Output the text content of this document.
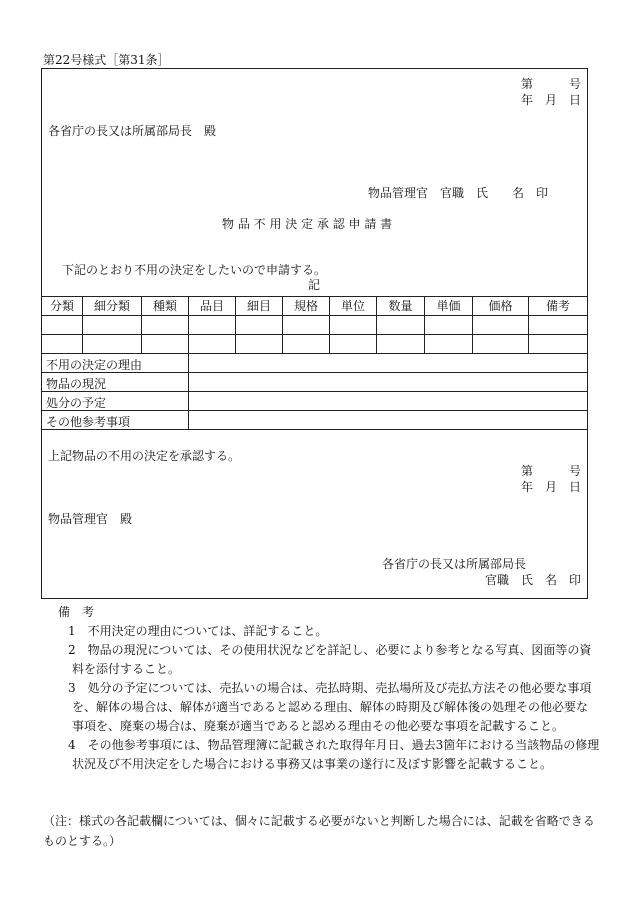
第22号様式［第31条］
第　　　号
年　月　日
各省庁の長又は所属部局長　殿
物品管理官　官職　氏　　名　印
物 品 不 用 決 定 承 認 申 請 書
下記のとおり不用の決定をしたいので申請する。
記
分類	細分類	種類	品目	細目	規格	単位	数量	単価	価格	備考

不用の決定の理由
物品の現況
処分の予定
その他参考事項
上記物品の不用の決定を承認する。
第　　　号
年　月　日
物品管理官　殿
各省庁の長又は所属部局長
官職　氏　名　印
備　考
1　不用決定の理由については、詳記すること。
2　物品の現況については、その使用状況などを詳記し、必要により参考となる写真、図面等の資
料を添付すること。
3　処分の予定については、売払いの場合は、売払時期、売払場所及び売払方法その他必要な事項
を、解体の場合は、解体が適当であると認める理由、解体の時期及び解体後の処理その他必要な
事項を、廃棄の場合は、廃棄が適当であると認める理由その他必要な事項を記載すること。
4　その他参考事項には、物品管理簿に記載された取得年月日、過去3箇年における当該物品の修理
状況及び不用決定をした場合における事務又は事業の遂行に及ぼす影響を記載すること。
（注：様式の各記載欄については、個々に記載する必要がないと判断した場合には、記載を省略できる
ものとする。）
